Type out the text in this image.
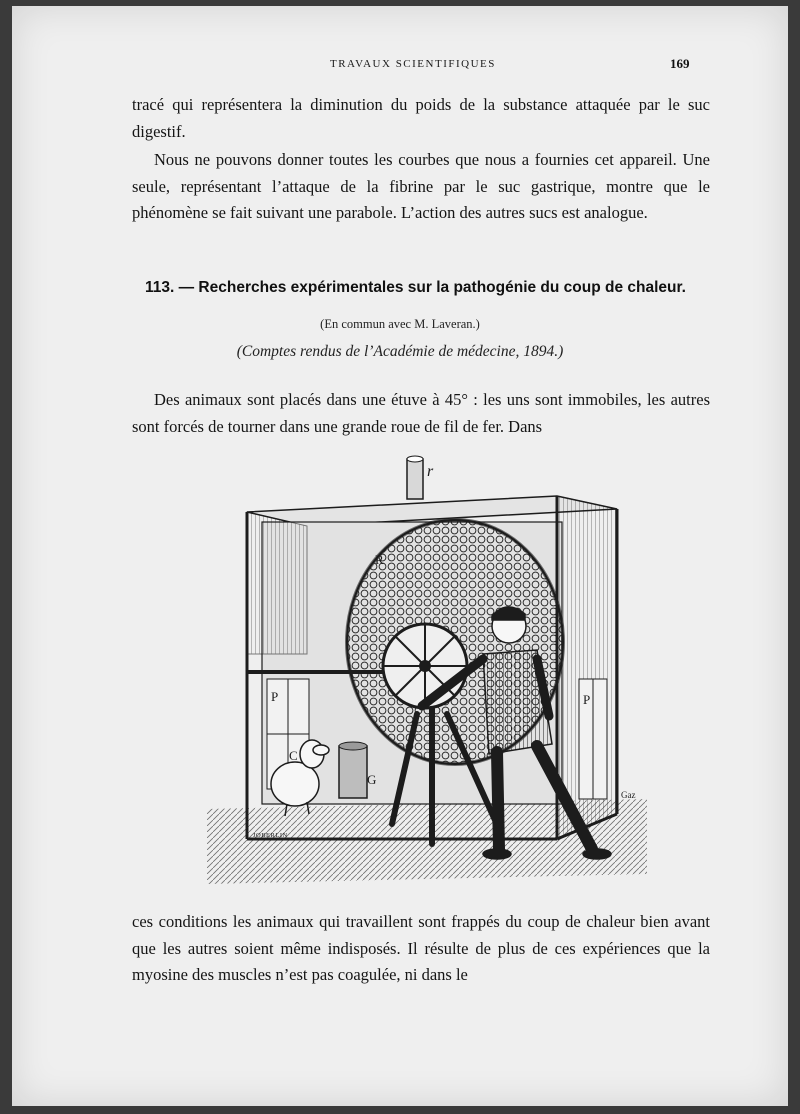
TRAVAUX SCIENTIFIQUES	169

tracé qui représentera la diminution du poids de la substance attaquée par le suc digestif.

Nous ne pouvons donner toutes les courbes que nous a fournies cet appareil. Une seule, représentant l’attaque de la fibrine par le suc gastrique, montre que le phénomène se fait suivant une parabole. L’action des autres sucs est analogue.

113. — Recherches expérimentales sur la pathogénie du coup de chaleur.
(En commun avec M. Laveran.)
(Comptes rendus de l’Académie de médecine, 1894.)

Des animaux sont placés dans une étuve à 45° : les uns sont immobiles, les autres sont forcés de tourner dans une grande roue de fil de fer. Dans

r
R
P
C
G
P
JOBERLIN
Gaz

ces conditions les animaux qui travaillent sont frappés du coup de chaleur bien avant que les autres soient même indisposés. Il résulte de plus de ces expériences que la myosine des muscles n’est pas coagulée, ni dans le
